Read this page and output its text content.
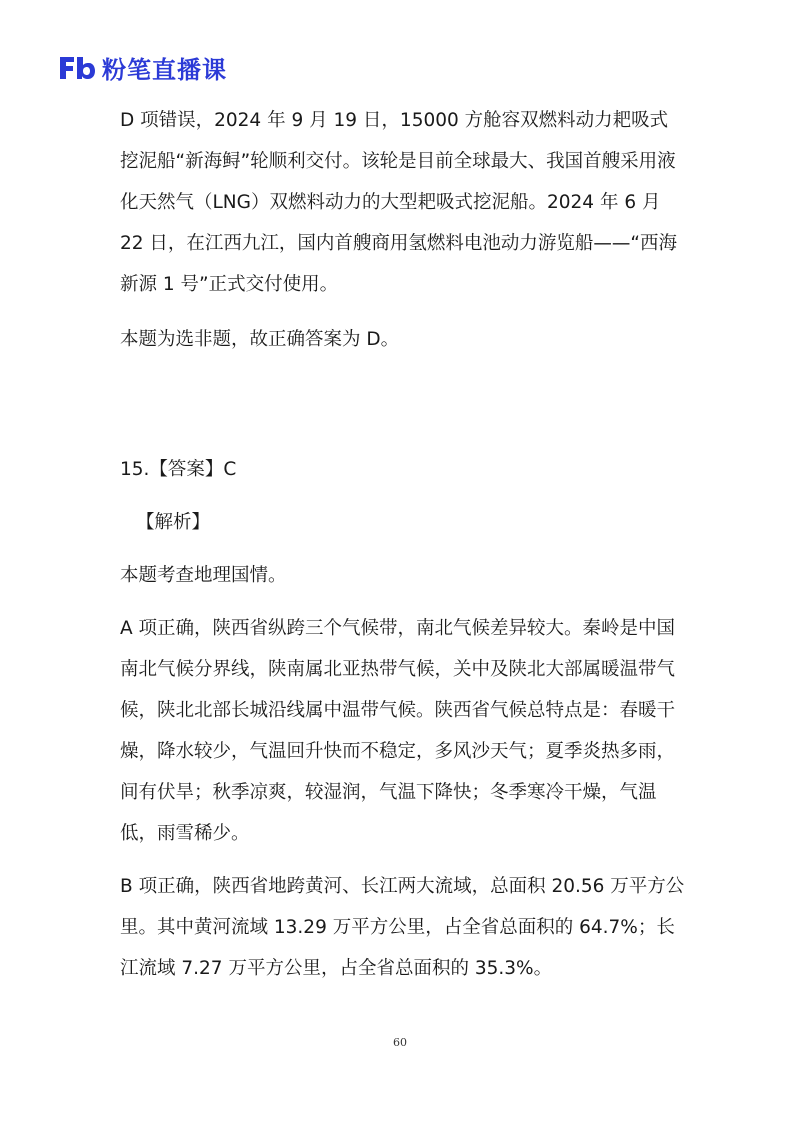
粉笔直播课

D 项错误，2024 年 9 月 19 日，15000 方舱容双燃料动力耙吸式挖泥船“新海鲟”轮顺利交付。该轮是目前全球最大、我国首艘采用液化天然气（LNG）双燃料动力的大型耙吸式挖泥船。2024 年 6 月 22 日，在江西九江，国内首艘商用氢燃料电池动力游览船——“西海新源 1 号”正式交付使用。

本题为选非题，故正确答案为 D。

15.【答案】C

【解析】

本题考查地理国情。

A 项正确，陕西省纵跨三个气候带，南北气候差异较大。秦岭是中国南北气候分界线，陕南属北亚热带气候，关中及陕北大部属暖温带气候，陕北北部长城沿线属中温带气候。陕西省气候总特点是：春暖干燥，降水较少，气温回升快而不稳定，多风沙天气；夏季炎热多雨，间有伏旱；秋季凉爽，较湿润，气温下降快；冬季寒冷干燥，气温低，雨雪稀少。

B 项正确，陕西省地跨黄河、长江两大流域，总面积 20.56 万平方公里。其中黄河流域 13.29 万平方公里，占全省总面积的 64.7%；长江流域 7.27 万平方公里，占全省总面积的 35.3%。

60
